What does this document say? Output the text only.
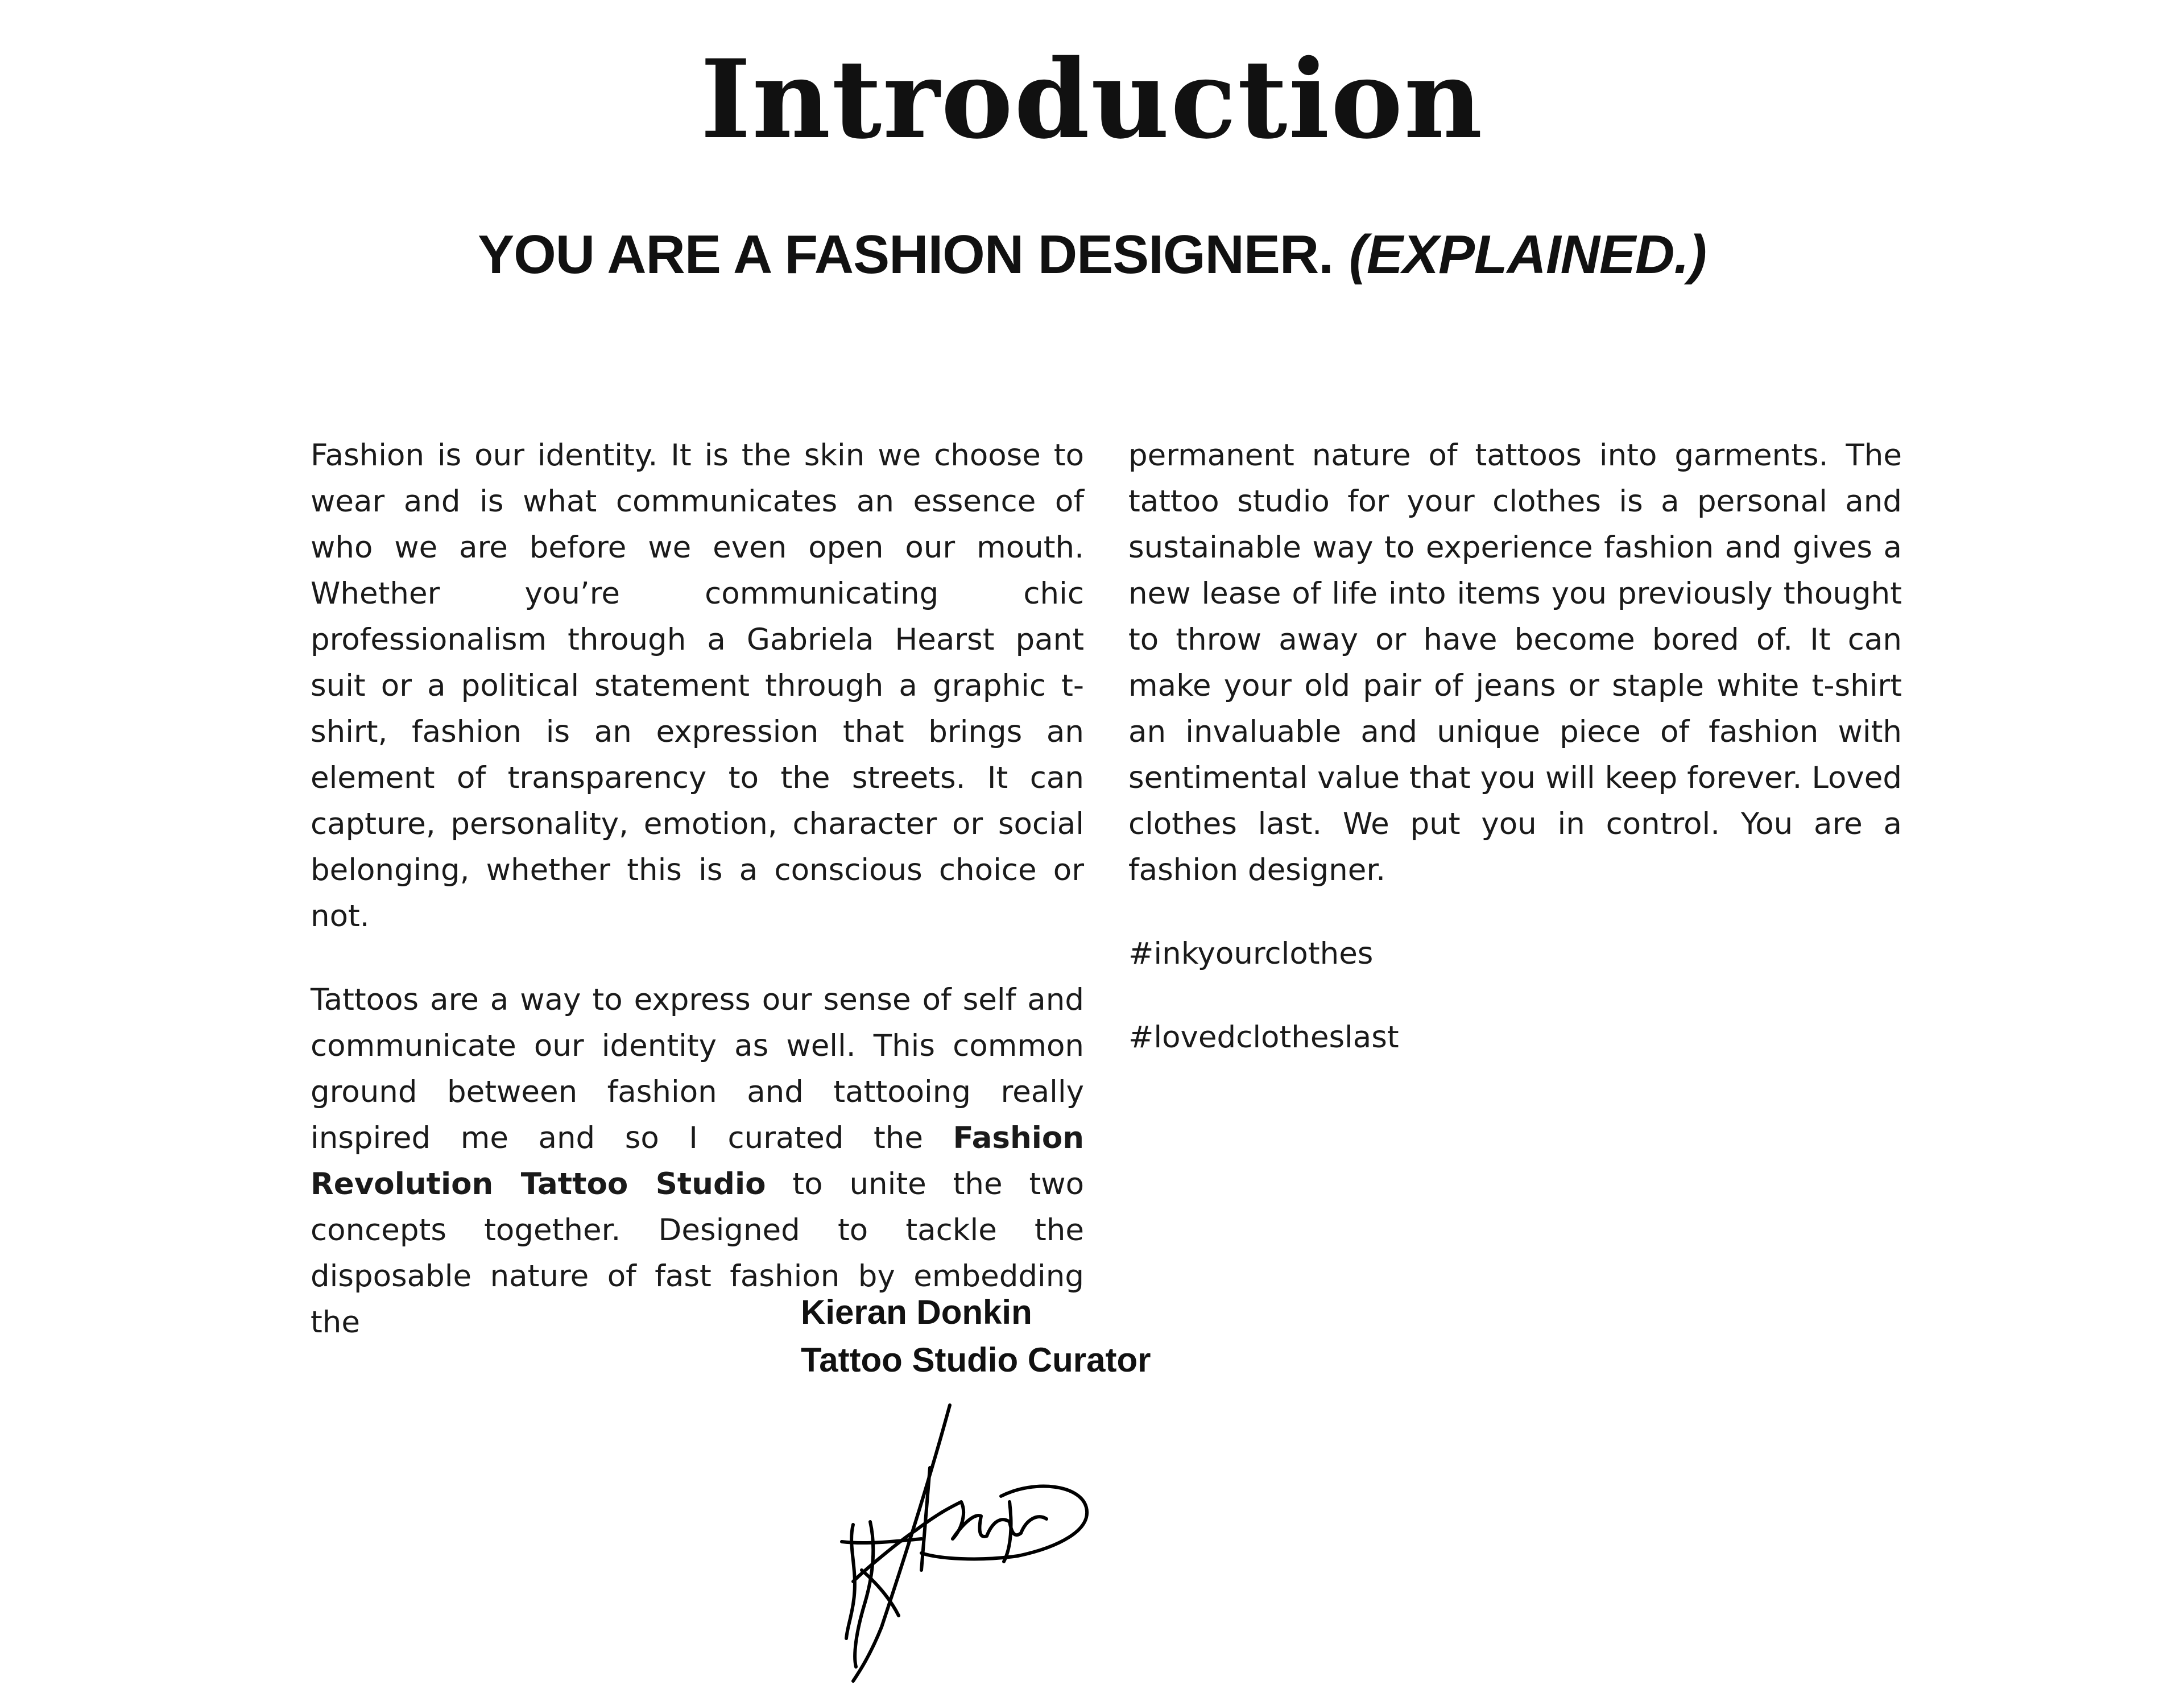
Introduction
YOU ARE A FASHION DESIGNER. (EXPLAINED.)

Fashion is our identity. It is the skin we choose to wear and is what communicates an essence of who we are before we even open our mouth. Whether you’re communicating chic professionalism through a Gabriela Hearst pant suit or a political statement through a graphic t-shirt, fashion is an expression that brings an element of transparency to the streets. It can capture, personality, emotion, character or social belonging, whether this is a conscious choice or not.

Tattoos are a way to express our sense of self and communicate our identity as well. This common ground between fashion and tattooing really inspired me and so I curated the Fashion Revolution Tattoo Studio to unite the two concepts together. Designed to tackle the disposable nature of fast fashion by embedding the

permanent nature of tattoos into garments. The tattoo studio for your clothes is a personal and sustainable way to experience fashion and gives a new lease of life into items you previously thought to throw away or have become bored of. It can make your old pair of jeans or staple white t-shirt an invaluable and unique piece of fashion with sentimental value that you will keep forever. Loved clothes last. We put you in control. You are a fashion designer.

#inkyourclothes

#lovedclotheslast

Kieran Donkin
Tattoo Studio Curator
